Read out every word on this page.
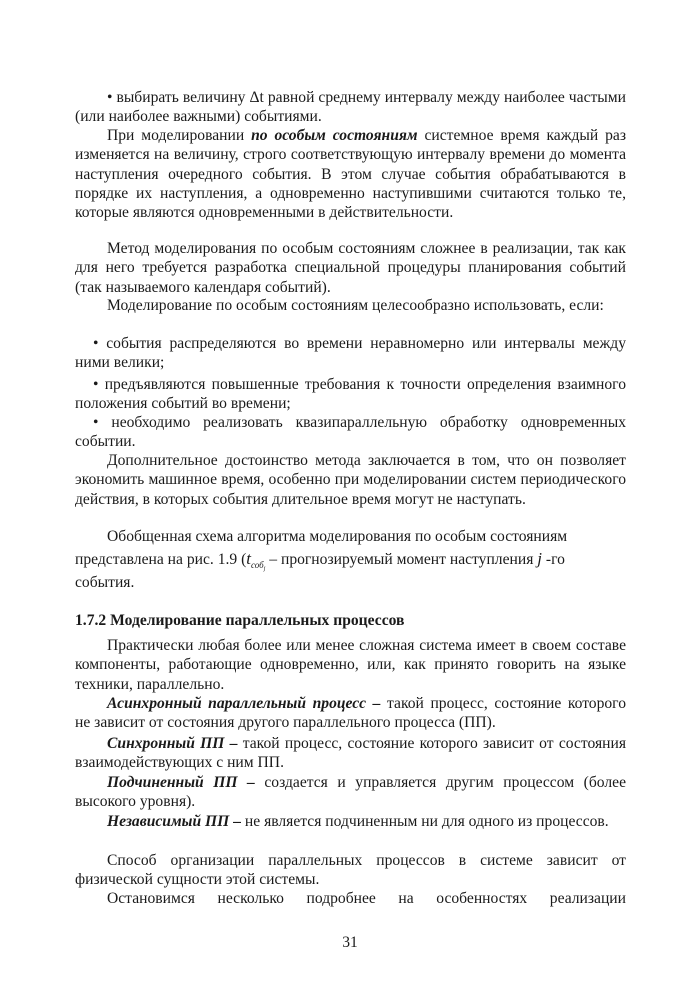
• выбирать величину Δt равной среднему интервалу между наиболее частыми (или наиболее важными) событиями.

При моделировании по особым состояниям системное время каждый раз изменяется на величину, строго соответствующую интервалу времени до момента наступления очередного события. В этом случае события обрабатываются в порядке их наступления, а одновременно наступившими считаются только те, которые являются одновременными в действительности.

Метод моделирования по особым состояниям сложнее в реализации, так как для него требуется разработка специальной процедуры планирования событий (так называемого календаря событий).

Моделирование по особым состояниям целесообразно использовать, если:

• события распределяются во времени неравномерно или интервалы между ними велики;

• предъявляются повышенные требования к точности определения взаимного положения событий во времени;

• необходимо реализовать квазипараллельную обработку одновременных событии.

Дополнительное достоинство метода заключается в том, что он позволяет экономить машинное время, особенно при моделировании систем периодического действия, в которых события длительное время могут не наступать.

Обобщенная схема алгоритма моделирования по особым состояниям

представлена на рис. 1.9 ($t_{собj}$ – прогнозируемый момент наступления j -го

события.

1.7.2 Моделирование параллельных процессов

Практически любая более или менее сложная система имеет в своем составе компоненты, работающие одновременно, или, как принято говорить на языке техники, параллельно.

Асинхронный параллельный процесс – такой процесс, состояние которого не зависит от состояния другого параллельного процесса (ПП).

Синхронный ПП – такой процесс, состояние которого зависит от состояния взаимодействующих с ним ПП.

Подчиненный ПП – создается и управляется другим процессом (более высокого уровня).

Независимый ПП – не является подчиненным ни для одного из процессов.

Способ организации параллельных процессов в системе зависит от физической сущности этой системы.

Остановимся несколько подробнее на особенностях реализации

31
